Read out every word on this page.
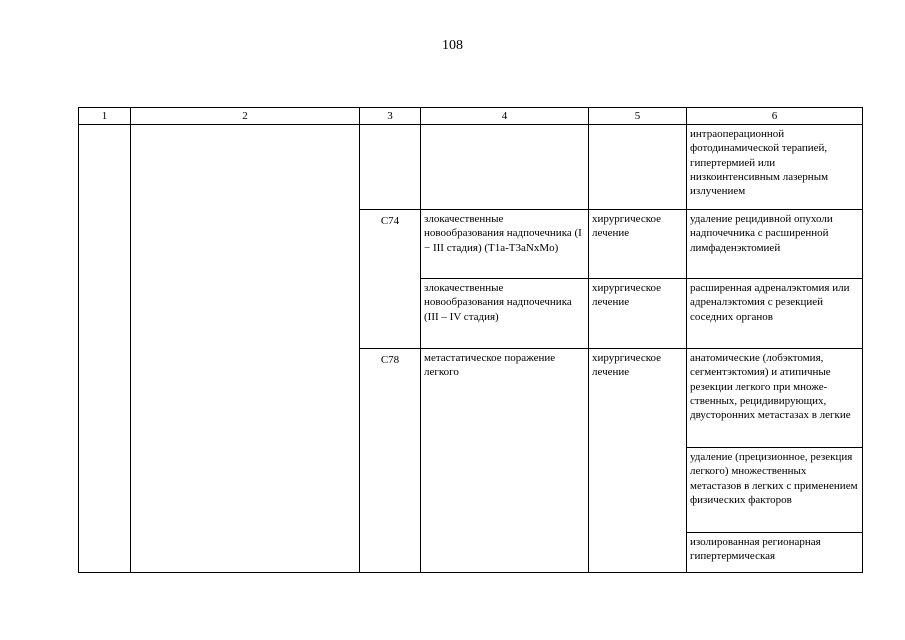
108
1	2	3	4	5	6
					интраоперационной фотодинамической терапией, гипертермией или низкоинтенсивным лазерным излучением
		C74	злокачественные новообразования надпочечника (I − III стадия) (T1a-T3aNxMo)	хирургическое лечение	удаление рецидивной опухоли надпочечника с расширенной лимфаденэктомией
			злокачественные новообразования надпочечника (III – IV стадия)	хирургическое лечение	расширенная адреналэктомия или адреналэктомия с резекцией соседних органов
		C78	метастатическое поражение легкого	хирургическое лечение	анатомические (лобэктомия, сегментэктомия) и атипичные резекции легкого при множе-ственных, рецидивирующих, двусторонних метастазах в легкие
					удаление (прецизионное, резекция легкого) множественных метастазов в легких с применением физических факторов
					изолированная регионарная гипертермическая
